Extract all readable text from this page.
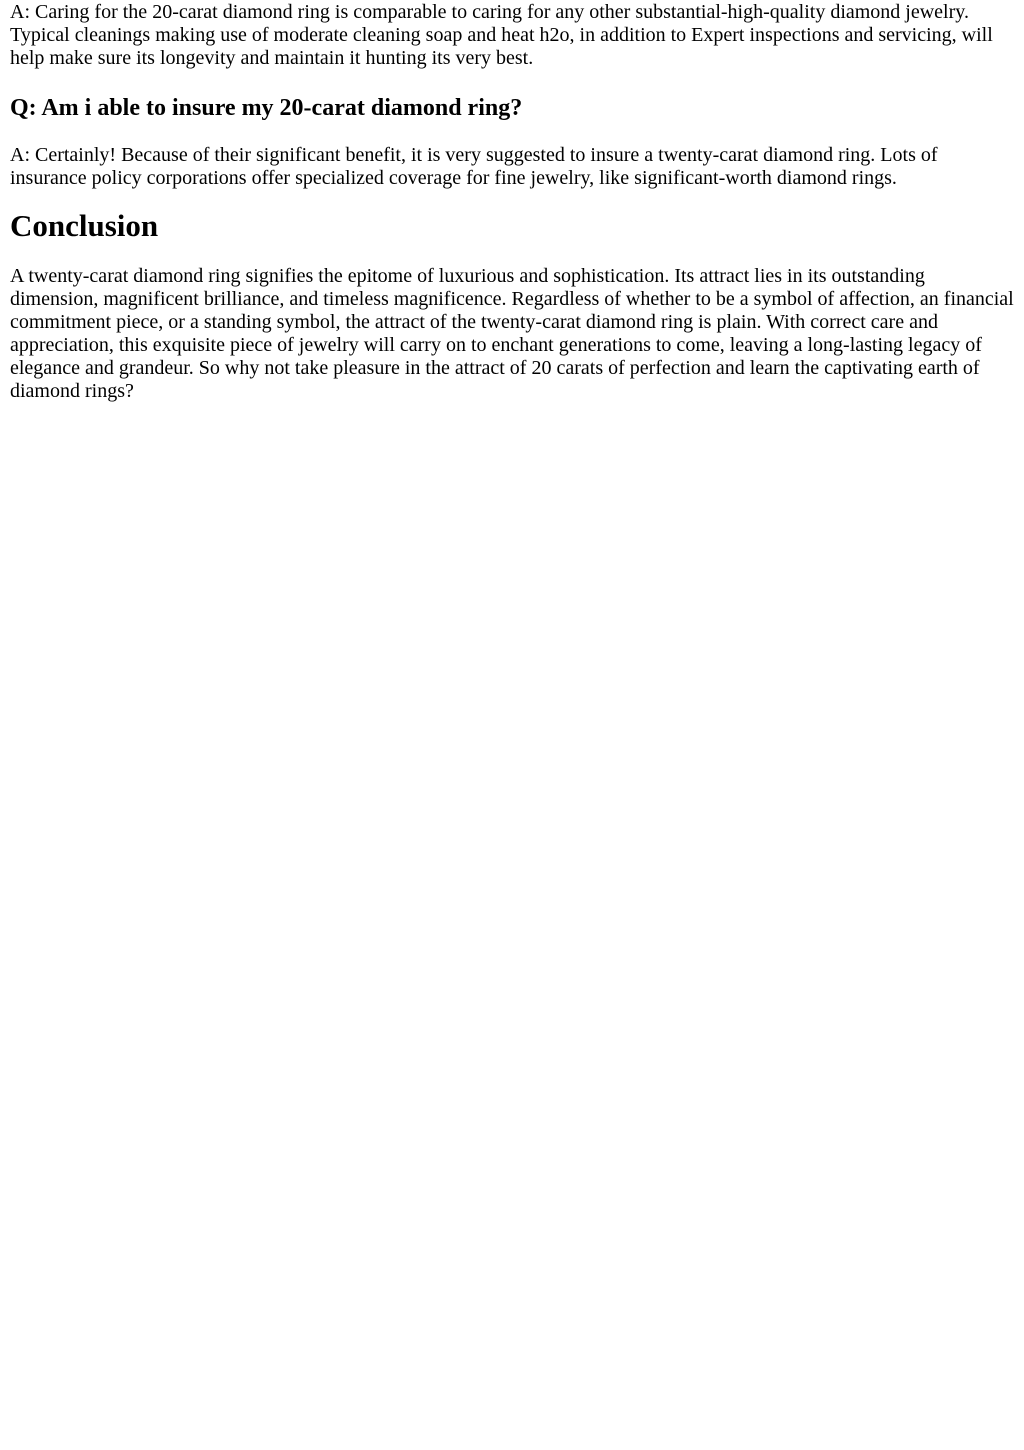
A: Caring for the 20-carat diamond ring is comparable to caring for any other substantial-high-quality diamond jewelry. Typical cleanings making use of moderate cleaning soap and heat h2o, in addition to Expert inspections and servicing, will help make sure its longevity and maintain it hunting its very best.

Q: Am i able to insure my 20-carat diamond ring?

A: Certainly! Because of their significant benefit, it is very suggested to insure a twenty-carat diamond ring. Lots of insurance policy corporations offer specialized coverage for fine jewelry, like significant-worth diamond rings.

Conclusion

A twenty-carat diamond ring signifies the epitome of luxurious and sophistication. Its attract lies in its outstanding dimension, magnificent brilliance, and timeless magnificence. Regardless of whether to be a symbol of affection, an financial commitment piece, or a standing symbol, the attract of the twenty-carat diamond ring is plain. With correct care and appreciation, this exquisite piece of jewelry will carry on to enchant generations to come, leaving a long-lasting legacy of elegance and grandeur. So why not take pleasure in the attract of 20 carats of perfection and learn the captivating earth of diamond rings?
